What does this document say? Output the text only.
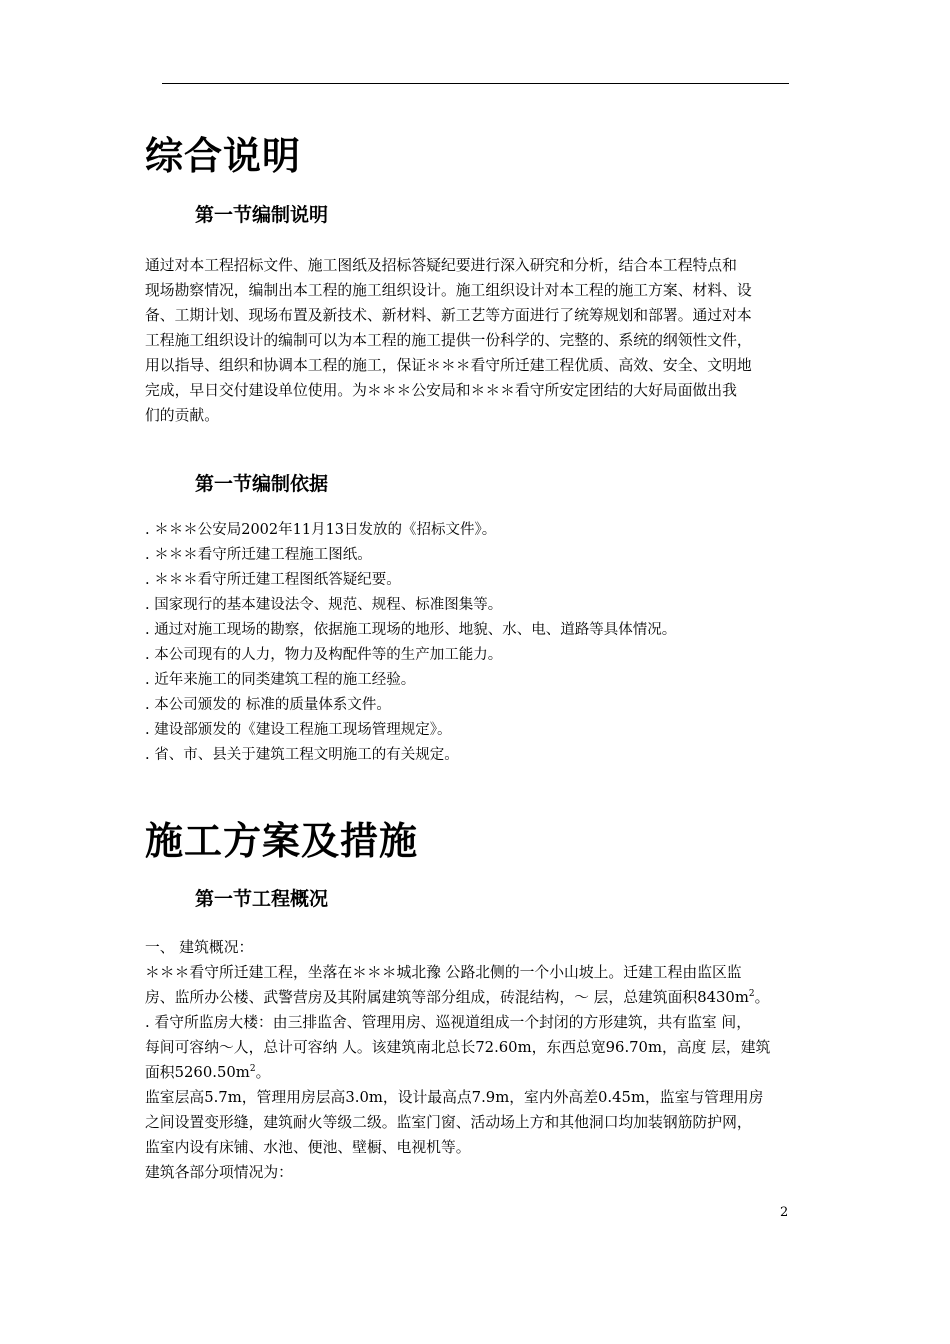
综合说明
第一节编制说明
通过对本工程招标文件、施工图纸及招标答疑纪要进行深入研究和分析，结合本工程特点和
现场勘察情况，编制出本工程的施工组织设计。施工组织设计对本工程的施工方案、材料、设
备、工期计划、现场布置及新技术、新材料、新工艺等方面进行了统筹规划和部署。通过对本
工程施工组织设计的编制可以为本工程的施工提供一份科学的、完整的、系统的纲领性文件，
用以指导、组织和协调本工程的施工，保证＊＊＊看守所迁建工程优质、高效、安全、文明地
完成，早日交付建设单位使用。为＊＊＊公安局和＊＊＊看守所安定团结的大好局面做出我
们的贡献。
第一节编制依据
. ＊＊＊公安局2002年11月13日发放的《招标文件》。
. ＊＊＊看守所迁建工程施工图纸。
. ＊＊＊看守所迁建工程图纸答疑纪要。
. 国家现行的基本建设法令、规范、规程、标准图集等。
. 通过对施工现场的勘察，依据施工现场的地形、地貌、水、电、道路等具体情况。
. 本公司现有的人力，物力及构配件等的生产加工能力。
. 近年来施工的同类建筑工程的施工经验。
. 本公司颁发的 标准的质量体系文件。
. 建设部颁发的《建设工程施工现场管理规定》。
. 省、市、县关于建筑工程文明施工的有关规定。
施工方案及措施
第一节工程概况
一、 建筑概况：
＊＊＊看守所迁建工程，坐落在＊＊＊城北豫 公路北侧的一个小山坡上。迁建工程由监区监
房、监所办公楼、武警营房及其附属建筑等部分组成，砖混结构，～ 层，总建筑面积$8430m^2$。
. 看守所监房大楼：由三排监舍、管理用房、巡视道组成一个封闭的方形建筑，共有监室 间，
每间可容纳～人，总计可容纳 人。该建筑南北总长72.60m，东西总宽96.70m，高度 层，建筑
面积$5260.50m^2$。
监室层高5.7m，管理用房层高3.0m，设计最高点7.9m，室内外高差0.45m，监室与管理用房
之间设置变形缝，建筑耐火等级二级。监室门窗、活动场上方和其他洞口均加装钢筋防护网，
监室内设有床铺、水池、便池、壁橱、电视机等。
建筑各部分项情况为：
2
